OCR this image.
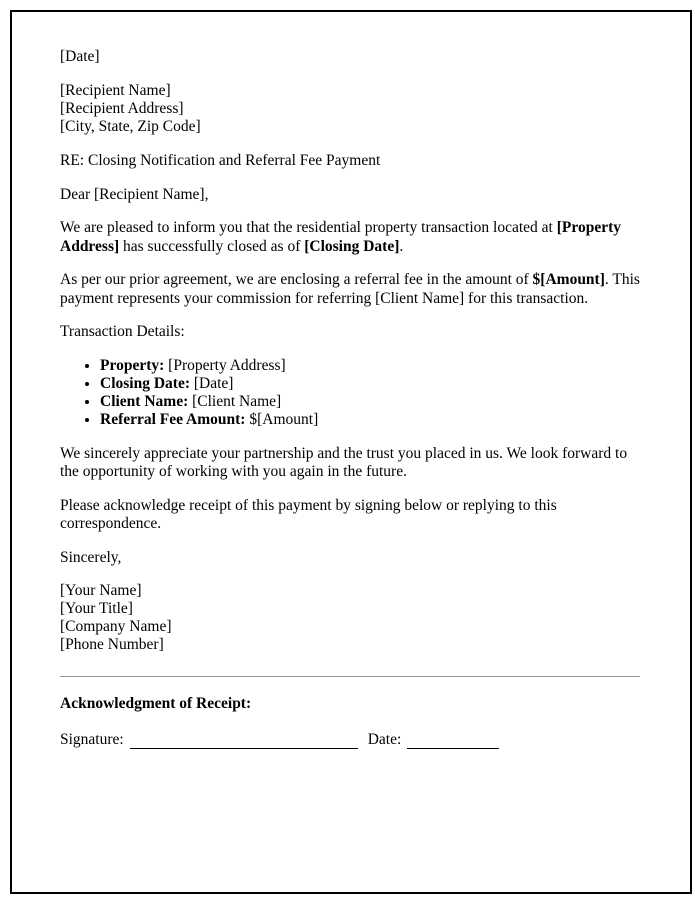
[Date]

[Recipient Name]

[Recipient Address]

[City, State, Zip Code]

RE: Closing Notification and Referral Fee Payment

Dear [Recipient Name],

We are pleased to inform you that the residential property transaction located at [Property Address] has successfully closed as of [Closing Date].

As per our prior agreement, we are enclosing a referral fee in the amount of $[Amount]. This payment represents your commission for referring [Client Name] for this transaction.

Transaction Details:

• Property: [Property Address]
• Closing Date: [Date]
• Client Name: [Client Name]
• Referral Fee Amount: $[Amount]

We sincerely appreciate your partnership and the trust you placed in us. We look forward to the opportunity of working with you again in the future.

Please acknowledge receipt of this payment by signing below or replying to this correspondence.

Sincerely,

[Your Name]

[Your Title]

[Company Name]

[Phone Number]

Acknowledgment of Receipt:

Signature:	Date:
